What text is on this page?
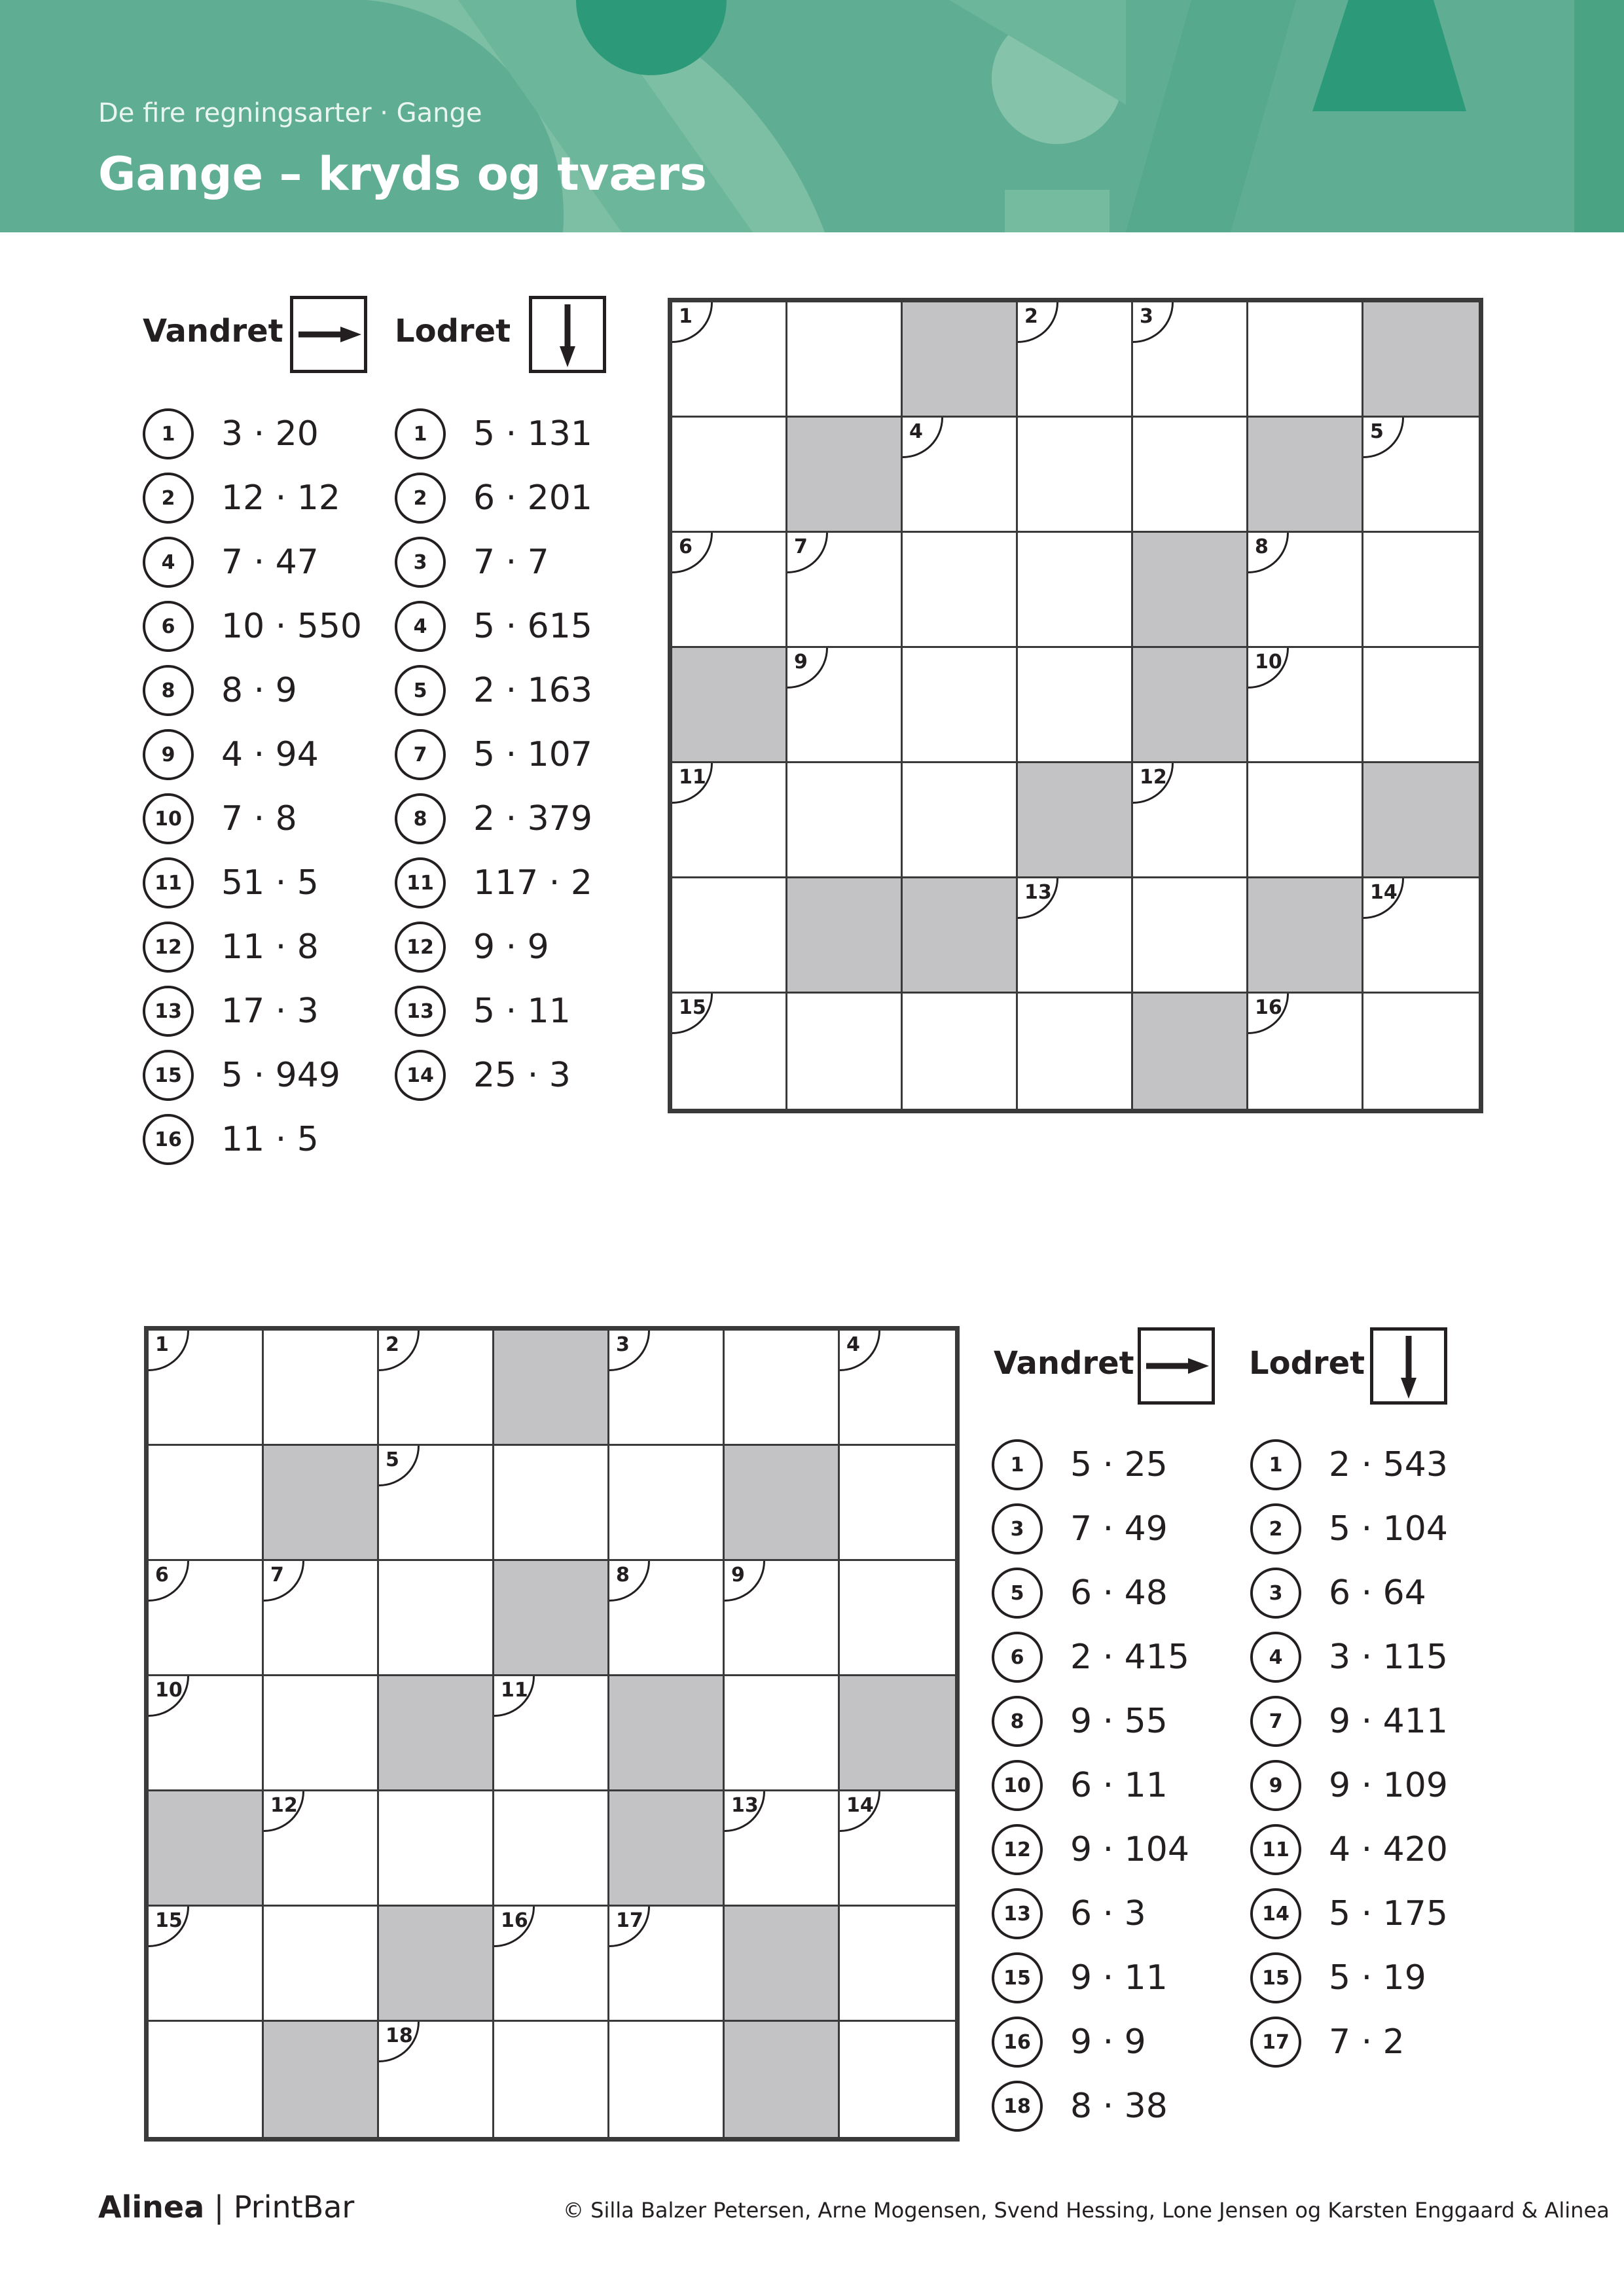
De fire regningsarter · Gange
Gange – kryds og tværs
Vandret	Lodret
1	3 · 20
2	12 · 12
4	7 · 47
6	10 · 550
8	8 · 9
9	4 · 94
10	7 · 8
11	51 · 5
12	11 · 8
13	17 · 3
15	5 · 949
16	11 · 5
1	5 · 131
2	6 · 201
3	7 · 7
4	5 · 615
5	2 · 163
7	5 · 107
8	2 · 379
11	117 · 2
12	9 · 9
13	5 · 11
14	25 · 3
1	2	3
4	5
6	7	8
9	10
11	12
13	14
15	16
1	2	3	4
5
6	7	8	9
10	11
12	13	14
15	16	17
18
Vandret	Lodret
1	5 · 25
3	7 · 49
5	6 · 48
6	2 · 415
8	9 · 55
10	6 · 11
12	9 · 104
13	6 · 3
15	9 · 11
16	9 · 9
18	8 · 38
1	2 · 543
2	5 · 104
3	6 · 64
4	3 · 115
7	9 · 411
9	9 · 109
11	4 · 420
14	5 · 175
15	5 · 19
17	7 · 2
Alinea | PrintBar	© Silla Balzer Petersen, Arne Mogensen, Svend Hessing, Lone Jensen og Karsten Enggaard & Alinea
